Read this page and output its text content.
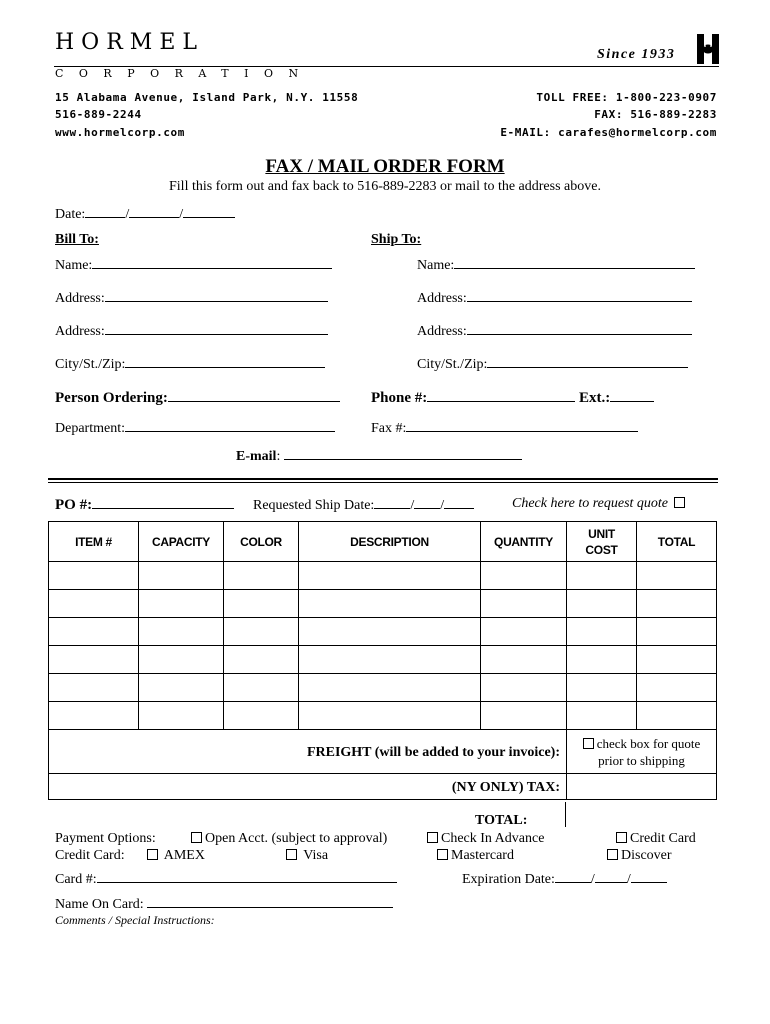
HORMEL	Since 1933
CORPORATION
15 Alabama Avenue, Island Park, N.Y. 11558
516-889-2244
www.hormelcorp.com
TOLL FREE: 1-800-223-0907
FAX: 516-889-2283
E-MAIL: carafes@hormelcorp.com
FAX / MAIL ORDER FORM
Fill this form out and fax back to 516-889-2283 or mail to the address above.
Date:	/	/
Bill To:	Ship To:
Name:	Name:
Address:	Address:
Address:	Address:
City/St./Zip:	City/St./Zip:
Person Ordering:	Phone #:	Ext.:
Department:	Fax #:
E-mail:
PO #:	Requested Ship Date:	/ /	Check here to request quote
ITEM #	CAPACITY	COLOR	DESCRIPTION	QUANTITY	UNIT COST	TOTAL

FREIGHT (will be added to your invoice):					check box for quote
prior to shipping	
(NY ONLY) TAX:						
TOTAL:
Payment Options:	Open Acct. (subject to approval)	Check In Advance	Credit Card
Credit Card:	AMEX	Visa	Mastercard	Discover
Card #:	Expiration Date:	/ /
Name On Card:
Comments / Special Instructions:
